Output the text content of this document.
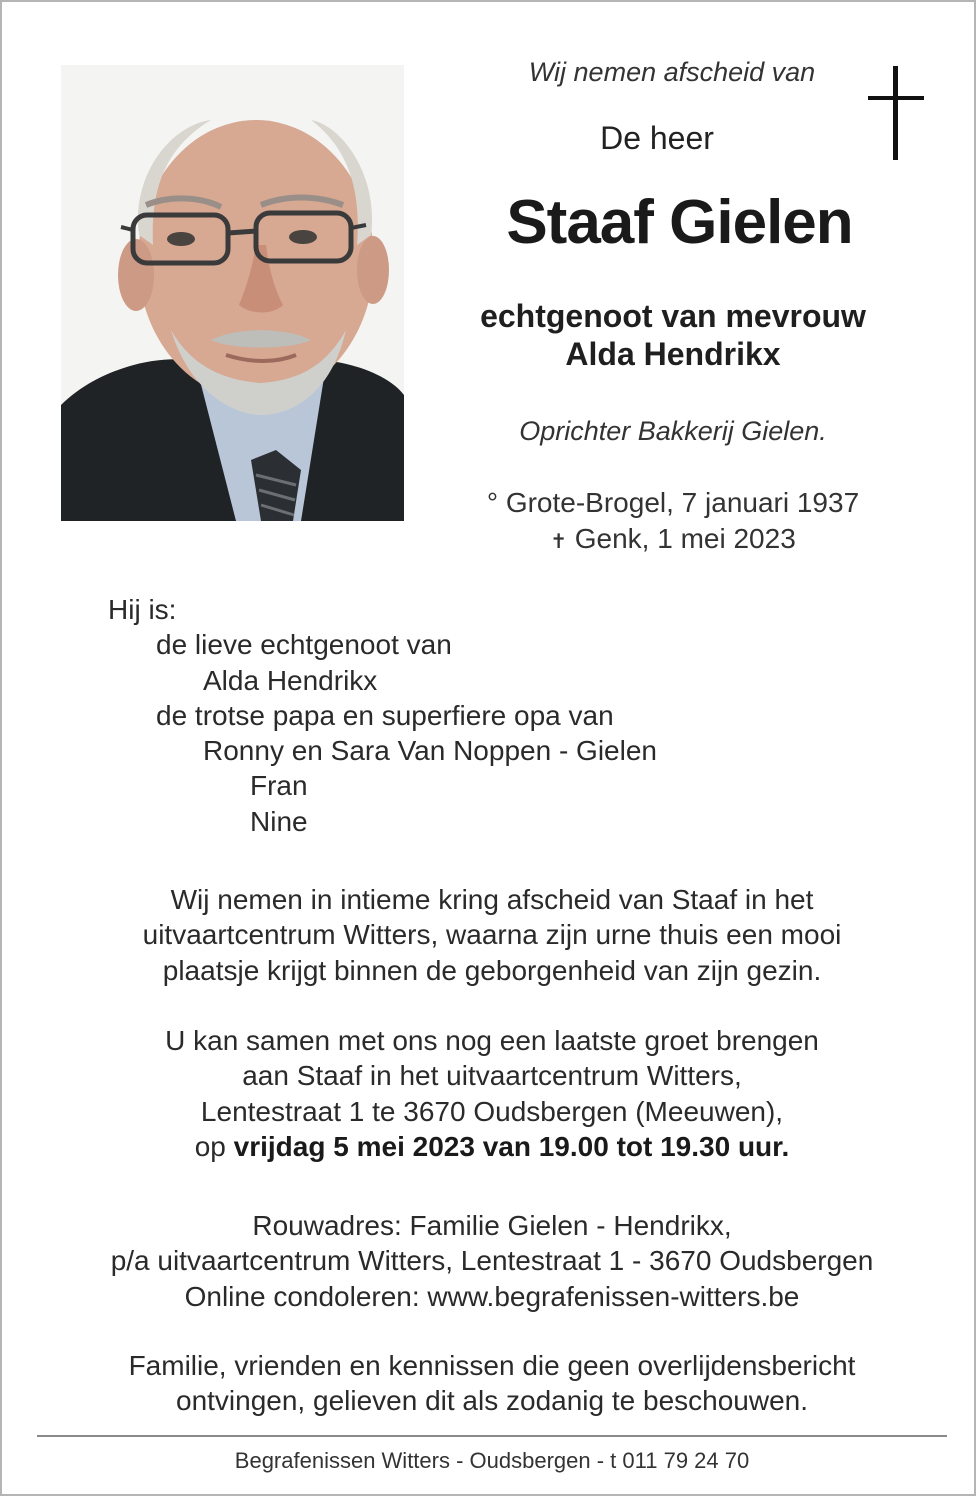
Wij nemen afscheid van
De heer
Staaf Gielen
echtgenoot van mevrouw
Alda Hendrikx
Oprichter Bakkerij Gielen.
° Grote-Brogel, 7 januari 1937
✝ Genk, 1 mei 2023
Hij is:
de lieve echtgenoot van
Alda Hendrikx
de trotse papa en superfiere opa van
Ronny en Sara Van Noppen - Gielen
Fran
Nine
Wij nemen in intieme kring afscheid van Staaf in het
uitvaartcentrum Witters, waarna zijn urne thuis een mooi
plaatsje krijgt binnen de geborgenheid van zijn gezin.
U kan samen met ons nog een laatste groet brengen
aan Staaf in het uitvaartcentrum Witters,
Lentestraat 1 te 3670 Oudsbergen (Meeuwen),
op vrijdag 5 mei 2023 van 19.00 tot 19.30 uur.
Rouwadres: Familie Gielen - Hendrikx,
p/a uitvaartcentrum Witters, Lentestraat 1 - 3670 Oudsbergen
Online condoleren: www.begrafenissen-witters.be
Familie, vrienden en kennissen die geen overlijdensbericht
ontvingen, gelieven dit als zodanig te beschouwen.
Begrafenissen Witters - Oudsbergen - t 011 79 24 70
